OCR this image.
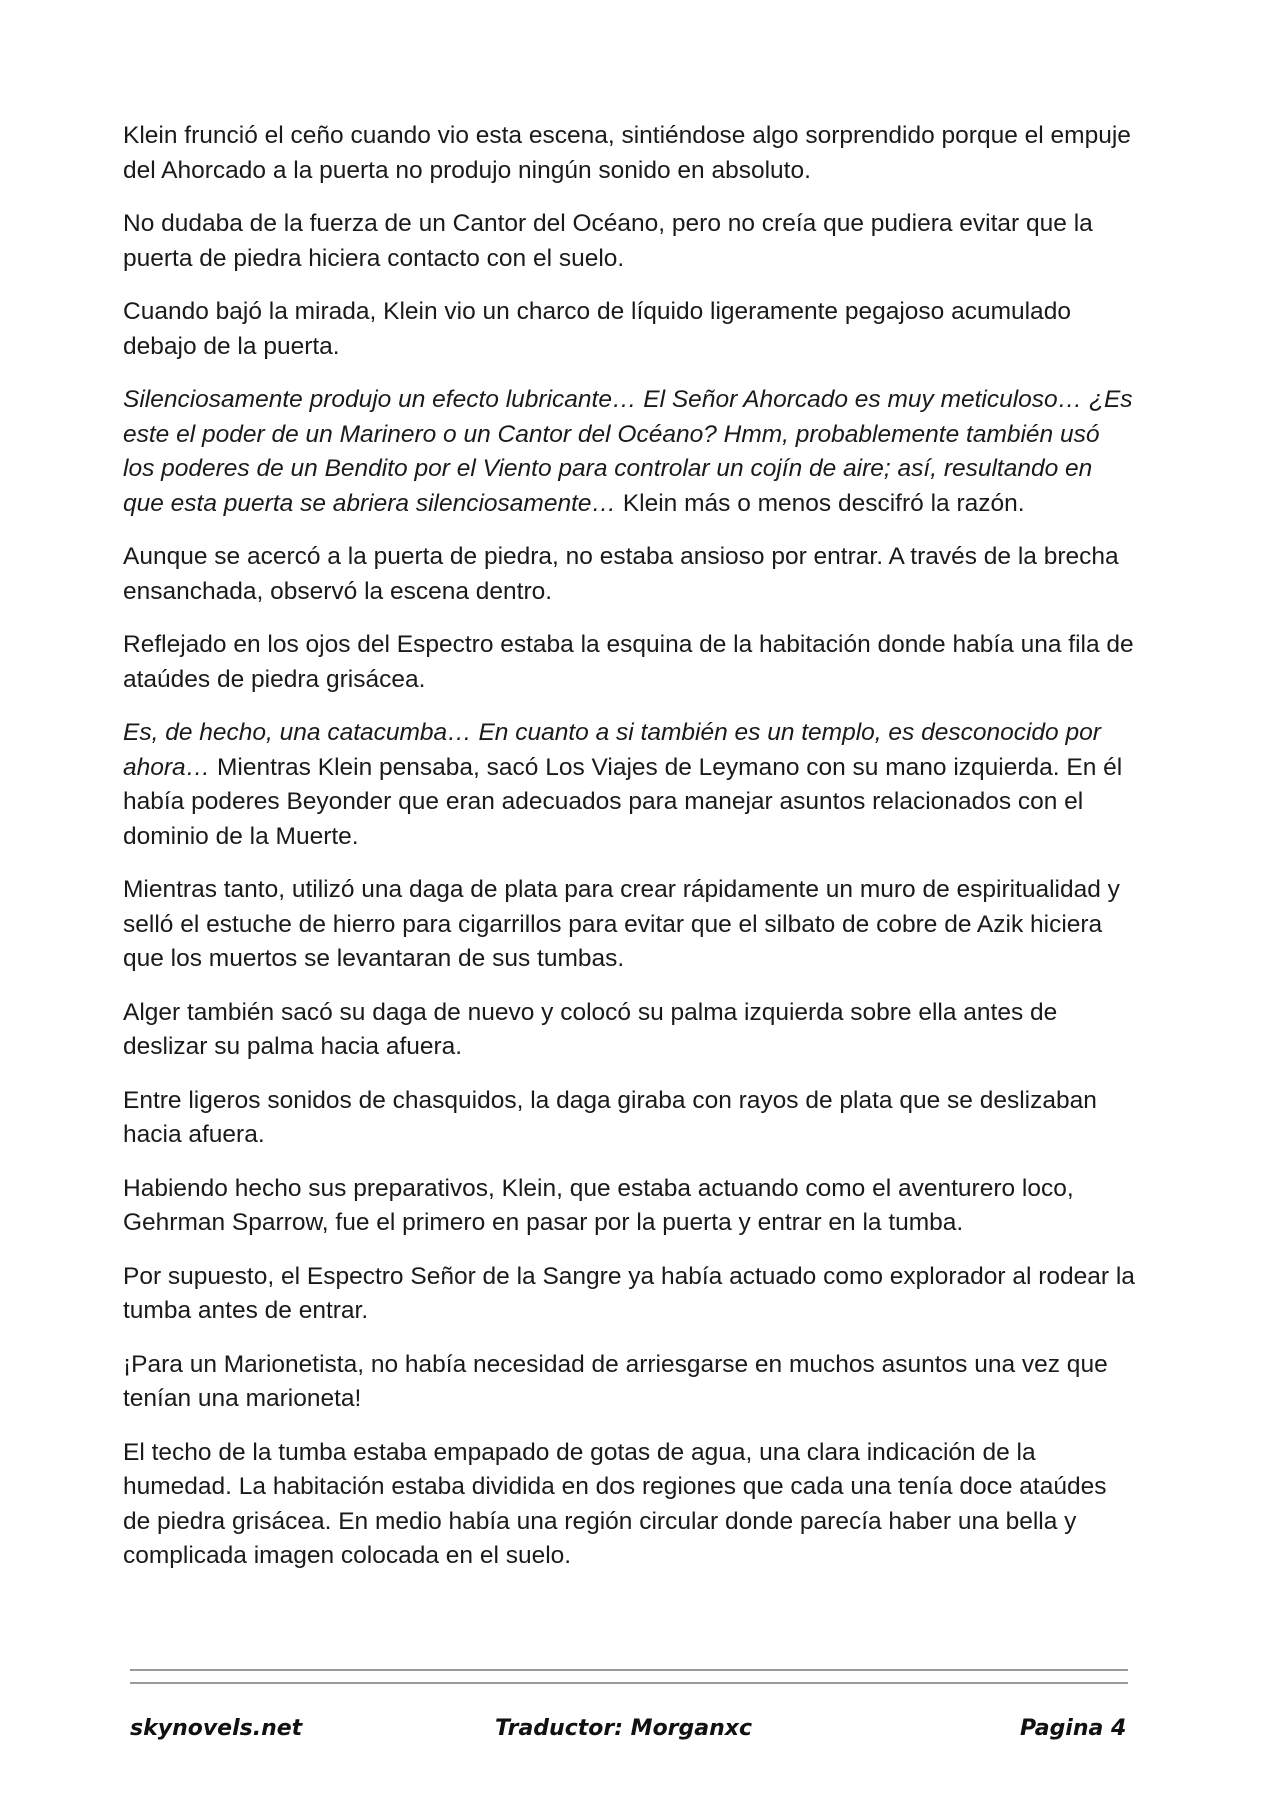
Klein frunció el ceño cuando vio esta escena, sintiéndose algo sorprendido porque el empuje del Ahorcado a la puerta no produjo ningún sonido en absoluto.

No dudaba de la fuerza de un Cantor del Océano, pero no creía que pudiera evitar que la puerta de piedra hiciera contacto con el suelo.

Cuando bajó la mirada, Klein vio un charco de líquido ligeramente pegajoso acumulado debajo de la puerta.

Silenciosamente produjo un efecto lubricante… El Señor Ahorcado es muy meticuloso… ¿Es este el poder de un Marinero o un Cantor del Océano? Hmm, probablemente también usó los poderes de un Bendito por el Viento para controlar un cojín de aire; así, resultando en que esta puerta se abriera silenciosamente… Klein más o menos descifró la razón.

Aunque se acercó a la puerta de piedra, no estaba ansioso por entrar. A través de la brecha ensanchada, observó la escena dentro.

Reflejado en los ojos del Espectro estaba la esquina de la habitación donde había una fila de ataúdes de piedra grisácea.

Es, de hecho, una catacumba… En cuanto a si también es un templo, es desconocido por ahora… Mientras Klein pensaba, sacó Los Viajes de Leymano con su mano izquierda. En él había poderes Beyonder que eran adecuados para manejar asuntos relacionados con el dominio de la Muerte.

Mientras tanto, utilizó una daga de plata para crear rápidamente un muro de espiritualidad y selló el estuche de hierro para cigarrillos para evitar que el silbato de cobre de Azik hiciera que los muertos se levantaran de sus tumbas.

Alger también sacó su daga de nuevo y colocó su palma izquierda sobre ella antes de deslizar su palma hacia afuera.

Entre ligeros sonidos de chasquidos, la daga giraba con rayos de plata que se deslizaban hacia afuera.

Habiendo hecho sus preparativos, Klein, que estaba actuando como el aventurero loco, Gehrman Sparrow, fue el primero en pasar por la puerta y entrar en la tumba.

Por supuesto, el Espectro Señor de la Sangre ya había actuado como explorador al rodear la tumba antes de entrar.

¡Para un Marionetista, no había necesidad de arriesgarse en muchos asuntos una vez que tenían una marioneta!

El techo de la tumba estaba empapado de gotas de agua, una clara indicación de la humedad. La habitación estaba dividida en dos regiones que cada una tenía doce ataúdes de piedra grisácea. En medio había una región circular donde parecía haber una bella y complicada imagen colocada en el suelo.

skynovels.net	Traductor: Morganxc	Pagina 4
